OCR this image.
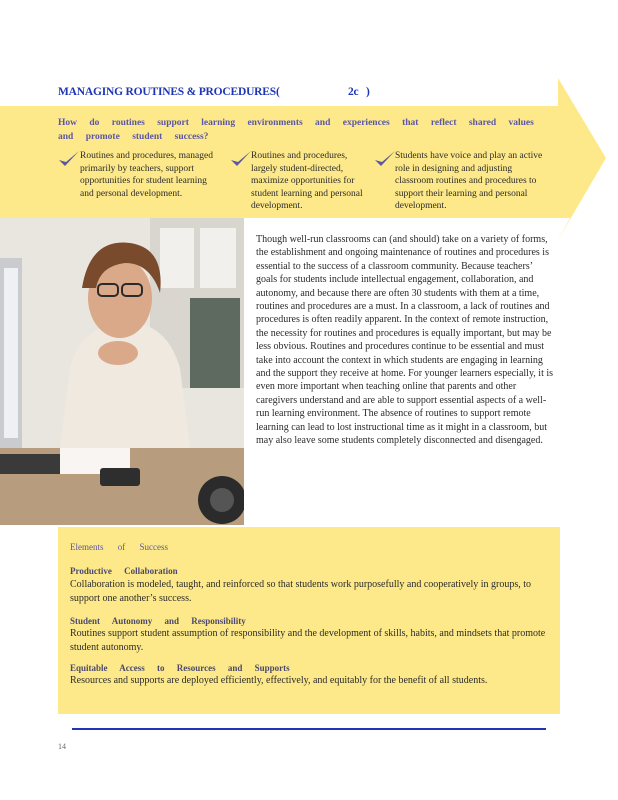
MANAGING ROUTINES & PROCEDURES(	2c )
How do routines support learning environments and experiences that reflect shared values and promote student success?
Routines and procedures, managed primarily by teachers, support opportunities for student learning and personal development.
Routines and procedures, largely student-directed, maximize opportunities for student learning and personal development.
Students have voice and play an active role in designing and adjusting classroom routines and procedures to support their learning and personal development.
Though well-run classrooms can (and should) take on a variety of forms, the establishment and ongoing maintenance of routines and procedures is essential to the success of a classroom community. Because teachers’ goals for students include intellectual engagement, collaboration, and autonomy, and because there are often 30 students with them at a time, routines and procedures are a must. In a classroom, a lack of routines and procedures is often readily apparent. In the context of remote instruction, the necessity for routines and procedures is equally important, but may be less obvious. Routines and procedures continue to be essential and must take into account the context in which students are engaging in learning and the support they receive at home. For younger learners especially, it is even more important when teaching online that parents and other caregivers understand and are able to support essential aspects of a well-run learning environment. The absence of routines to support remote learning can lead to lost instructional time as it might in a classroom, but may also leave some students completely disconnected and disengaged.
Elements of Success
Productive Collaboration
Collaboration is modeled, taught, and reinforced so that students work purposefully and cooperatively in groups, to support one another’s success.
Student Autonomy and Responsibility
Routines support student assumption of responsibility and the development of skills, habits, and mindsets that promote student autonomy.
Equitable Access to Resources and Supports
Resources and supports are deployed efficiently, effectively, and equitably for the benefit of all students.
14
